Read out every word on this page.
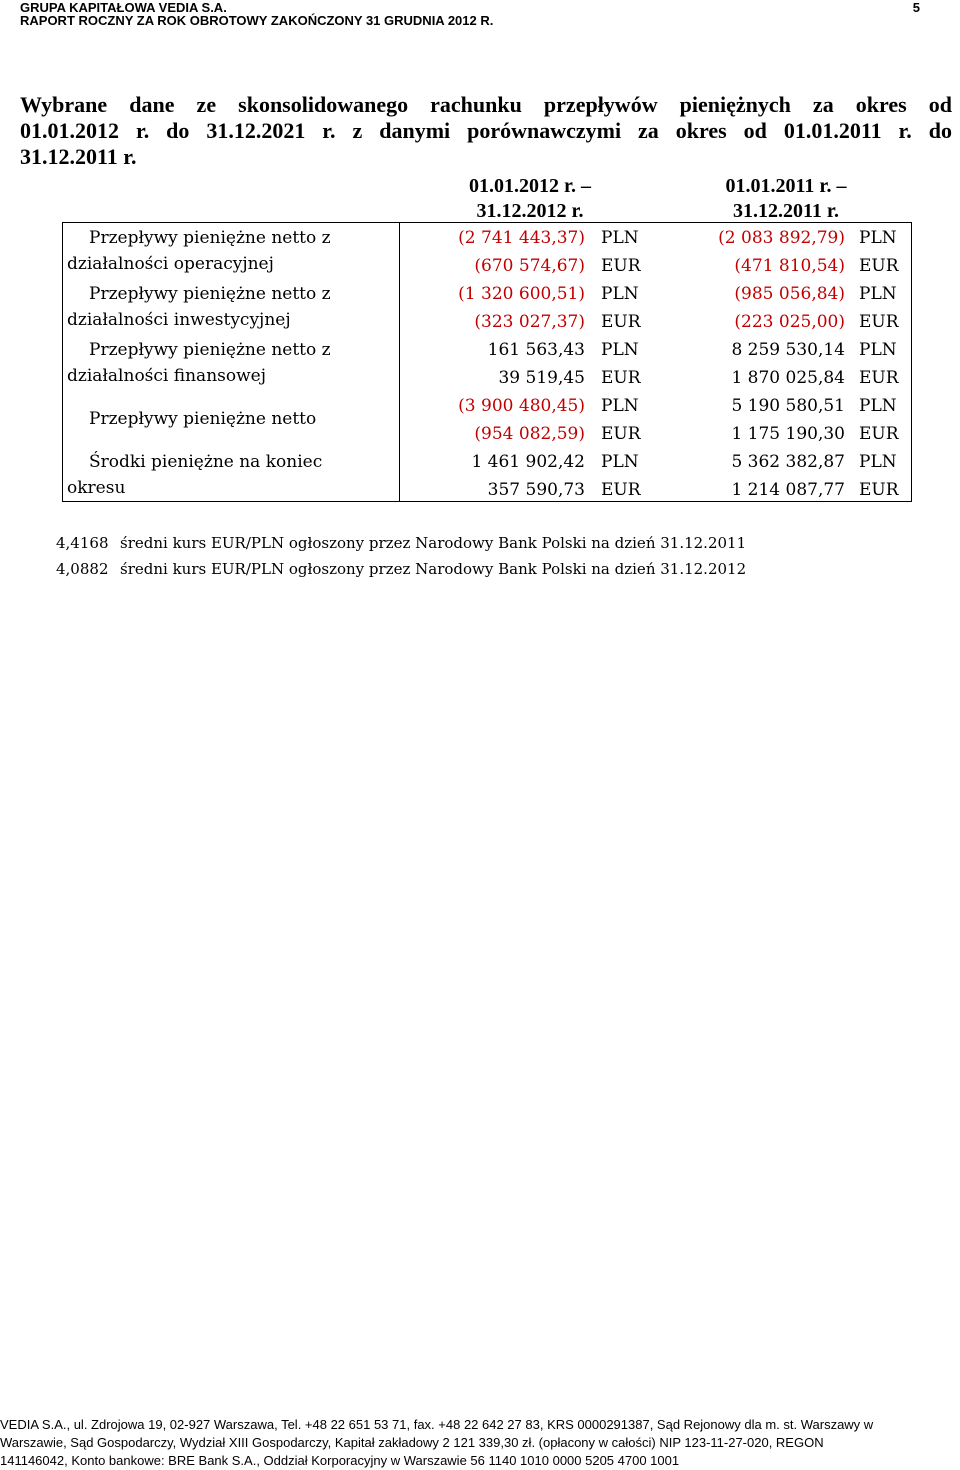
GRUPA KAPITAŁOWA VEDIA S.A.
RAPORT ROCZNY ZA ROK OBROTOWY ZAKOŃCZONY 31 GRUDNIA 2012 R.
5
Wybrane dane ze skonsolidowanego rachunku przepływów pieniężnych za okres od
01.01.2012 r. do 31.12.2021 r. z danymi porównawczymi za okres od 01.01.2011 r. do
31.12.2011 r.
01.01.2012 r. –
31.12.2012 r.
01.01.2011 r. –
31.12.2011 r.
Przepływy pieniężne netto z
działalności operacyjnej
(2 741 443,37) PLN
(670 574,67) EUR
(2 083 892,79) PLN
(471 810,54) EUR
Przepływy pieniężne netto z
działalności inwestycyjnej
(1 320 600,51) PLN
(323 027,37) EUR
(985 056,84) PLN
(223 025,00) EUR
Przepływy pieniężne netto z
działalności finansowej
161 563,43 PLN
39 519,45 EUR
8 259 530,14 PLN
1 870 025,84 EUR
Przepływy pieniężne netto
(3 900 480,45) PLN
(954 082,59) EUR
5 190 580,51 PLN
1 175 190,30 EUR
Środki pieniężne na koniec
okresu
1 461 902,42 PLN
357 590,73 EUR
5 362 382,87 PLN
1 214 087,77 EUR
4,4168 średni kurs EUR/PLN ogłoszony przez Narodowy Bank Polski na dzień 31.12.2011
4,0882 średni kurs EUR/PLN ogłoszony przez Narodowy Bank Polski na dzień 31.12.2012
VEDIA S.A., ul. Zdrojowa 19, 02-927 Warszawa, Tel. +48 22 651 53 71, fax. +48 22 642 27 83, KRS 0000291387, Sąd Rejonowy dla m. st. Warszawy w
Warszawie, Sąd Gospodarczy, Wydział XIII Gospodarczy, Kapitał zakładowy 2 121 339,30 zł. (opłacony w całości) NIP 123-11-27-020, REGON
141146042, Konto bankowe: BRE Bank S.A., Oddział Korporacyjny w Warszawie 56 1140 1010 0000 5205 4700 1001
